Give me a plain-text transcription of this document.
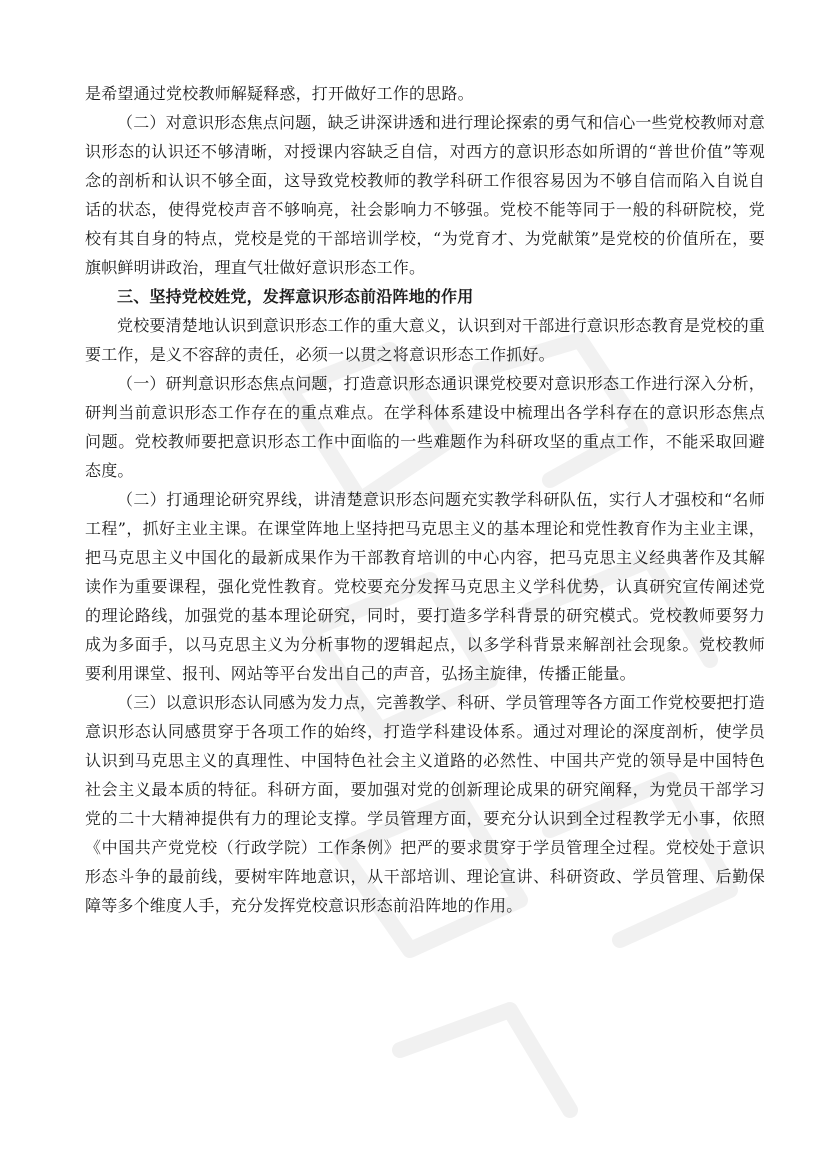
是希望通过党校教师解疑释惑，打开做好工作的思路。

（二）对意识形态焦点问题，缺乏讲深讲透和进行理论探索的勇气和信心一些党校教师对意识形态的认识还不够清晰，对授课内容缺乏自信，对西方的意识形态如所谓的“普世价值”等观念的剖析和认识不够全面，这导致党校教师的教学科研工作很容易因为不够自信而陷入自说自话的状态，使得党校声音不够响亮，社会影响力不够强。党校不能等同于一般的科研院校，党校有其自身的特点，党校是党的干部培训学校，“为党育才、为党献策”是党校的价值所在，要旗帜鲜明讲政治，理直气壮做好意识形态工作。

三、坚持党校姓党，发挥意识形态前沿阵地的作用

党校要清楚地认识到意识形态工作的重大意义，认识到对干部进行意识形态教育是党校的重要工作，是义不容辞的责任，必须一以贯之将意识形态工作抓好。

（一）研判意识形态焦点问题，打造意识形态通识课党校要对意识形态工作进行深入分析，研判当前意识形态工作存在的重点难点。在学科体系建设中梳理出各学科存在的意识形态焦点问题。党校教师要把意识形态工作中面临的一些难题作为科研攻坚的重点工作，不能采取回避态度。

（二）打通理论研究界线，讲清楚意识形态问题充实教学科研队伍，实行人才强校和“名师工程”，抓好主业主课。在课堂阵地上坚持把马克思主义的基本理论和党性教育作为主业主课，把马克思主义中国化的最新成果作为干部教育培训的中心内容，把马克思主义经典著作及其解读作为重要课程，强化党性教育。党校要充分发挥马克思主义学科优势，认真研究宣传阐述党的理论路线，加强党的基本理论研究，同时，要打造多学科背景的研究模式。党校教师要努力成为多面手，以马克思主义为分析事物的逻辑起点，以多学科背景来解剖社会现象。党校教师要利用课堂、报刊、网站等平台发出自己的声音，弘扬主旋律，传播正能量。

（三）以意识形态认同感为发力点，完善教学、科研、学员管理等各方面工作党校要把打造意识形态认同感贯穿于各项工作的始终，打造学科建设体系。通过对理论的深度剖析，使学员认识到马克思主义的真理性、中国特色社会主义道路的必然性、中国共产党的领导是中国特色社会主义最本质的特征。科研方面，要加强对党的创新理论成果的研究阐释，为党员干部学习党的二十大精神提供有力的理论支撑。学员管理方面，要充分认识到全过程教学无小事，依照《中国共产党党校（行政学院）工作条例》把严的要求贯穿于学员管理全过程。党校处于意识形态斗争的最前线，要树牢阵地意识，从干部培训、理论宣讲、科研资政、学员管理、后勤保障等多个维度人手，充分发挥党校意识形态前沿阵地的作用。
